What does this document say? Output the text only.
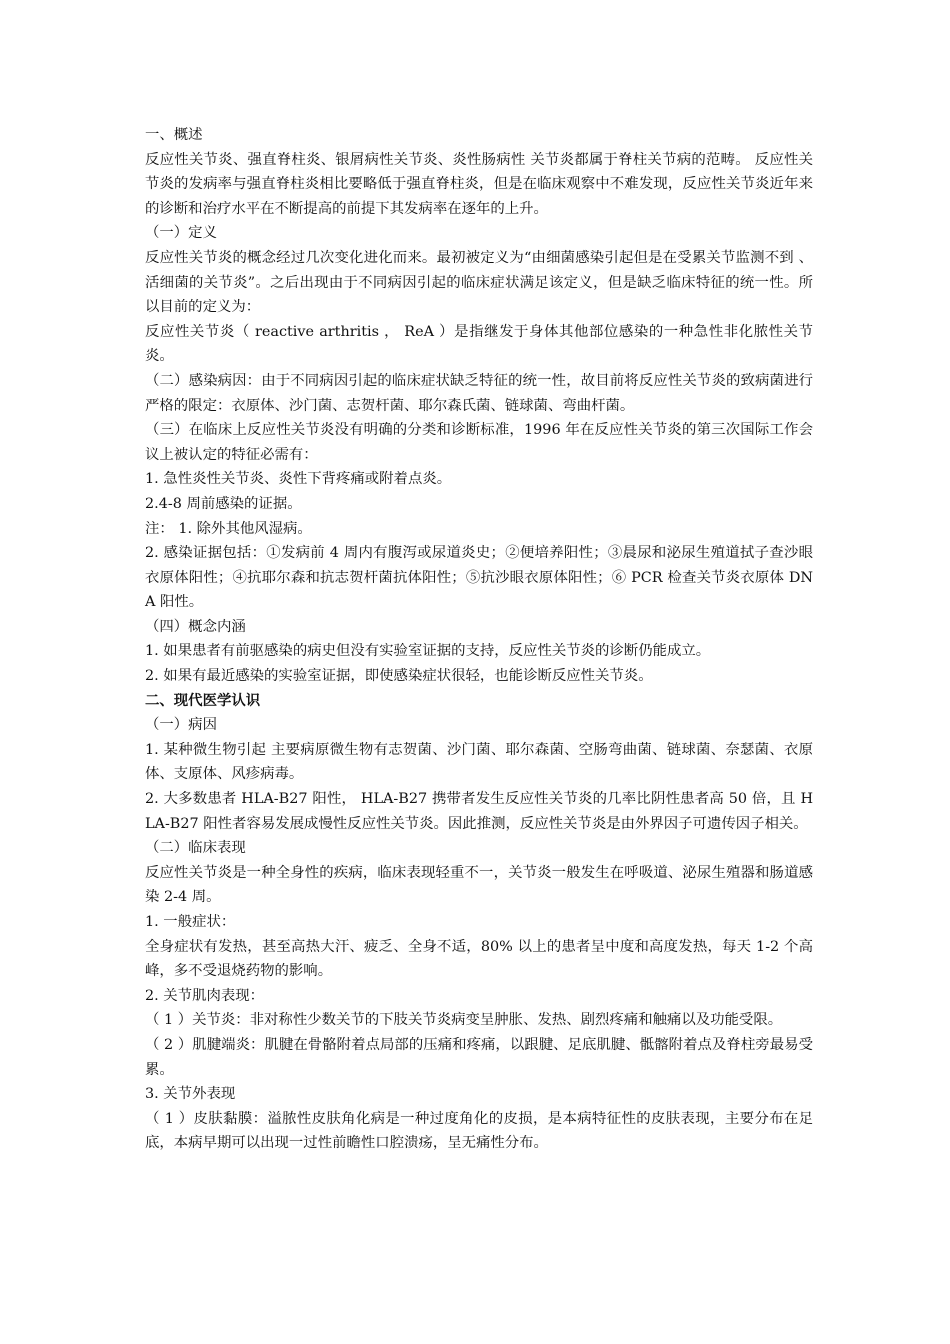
一、概述

反应性关节炎、强直脊柱炎、银屑病性关节炎、炎性肠病性 关节炎都属于脊柱关节病的范畴。 反应性关节炎的发病率与强直脊柱炎相比要略低于强直脊柱炎，但是在临床观察中不难发现，反应性关节炎近年来的诊断和治疗水平在不断提高的前提下其发病率在逐年的上升。

（一）定义

反应性关节炎的概念经过几次变化进化而来。最初被定义为“由细菌感染引起但是在受累关节监测不到 、活细菌的关节炎”。之后出现由于不同病因引起的临床症状满足该定义，但是缺乏临床特征的统一性。所以目前的定义为：

反应性关节炎（ reactive arthritis ， ReA ）是指继发于身体其他部位感染的一种急性非化脓性关节炎。

（二）感染病因：由于不同病因引起的临床症状缺乏特征的统一性，故目前将反应性关节炎的致病菌进行严格的限定：衣原体、沙门菌、志贺杆菌、耶尔森氏菌、链球菌、弯曲杆菌。

（三）在临床上反应性关节炎没有明确的分类和诊断标准，1996 年在反应性关节炎的第三次国际工作会议上被认定的特征必需有：

1. 急性炎性关节炎、炎性下背疼痛或附着点炎。

2.4-8 周前感染的证据。

注： 1. 除外其他风湿病。

2. 感染证据包括：①发病前 4 周内有腹泻或尿道炎史；②便培养阳性；③晨尿和泌尿生殖道拭子查沙眼衣原体阳性；④抗耶尔森和抗志贺杆菌抗体阳性；⑤抗沙眼衣原体阳性；⑥ PCR 检查关节炎衣原体 DNA 阳性。

（四）概念内涵

1. 如果患者有前驱感染的病史但没有实验室证据的支持，反应性关节炎的诊断仍能成立。

2. 如果有最近感染的实验室证据，即使感染症状很轻，也能诊断反应性关节炎。

二、现代医学认识

（一）病因

1. 某种微生物引起 主要病原微生物有志贺菌、沙门菌、耶尔森菌、空肠弯曲菌、链球菌、奈瑟菌、衣原体、支原体、风疹病毒。

2. 大多数患者 HLA-B27 阳性， HLA-B27 携带者发生反应性关节炎的几率比阴性患者高 50 倍，且 HLA-B27 阳性者容易发展成慢性反应性关节炎。因此推测，反应性关节炎是由外界因子可遗传因子相关。

（二）临床表现

反应性关节炎是一种全身性的疾病，临床表现轻重不一，关节炎一般发生在呼吸道、泌尿生殖器和肠道感染 2-4 周。

1. 一般症状：

全身症状有发热，甚至高热大汗、疲乏、全身不适，80% 以上的患者呈中度和高度发热，每天 1-2 个高峰，多不受退烧药物的影响。

2. 关节肌肉表现：

（ 1 ）关节炎：非对称性少数关节的下肢关节炎病变呈肿胀、发热、剧烈疼痛和触痛以及功能受限。

（ 2 ）肌腱端炎：肌腱在骨骼附着点局部的压痛和疼痛，以跟腱、足底肌腱、骶髂附着点及脊柱旁最易受累。

3. 关节外表现

（ 1 ）皮肤黏膜：溢脓性皮肤角化病是一种过度角化的皮损，是本病特征性的皮肤表现，主要分布在足底，本病早期可以出现一过性前瞻性口腔溃疡，呈无痛性分布。
